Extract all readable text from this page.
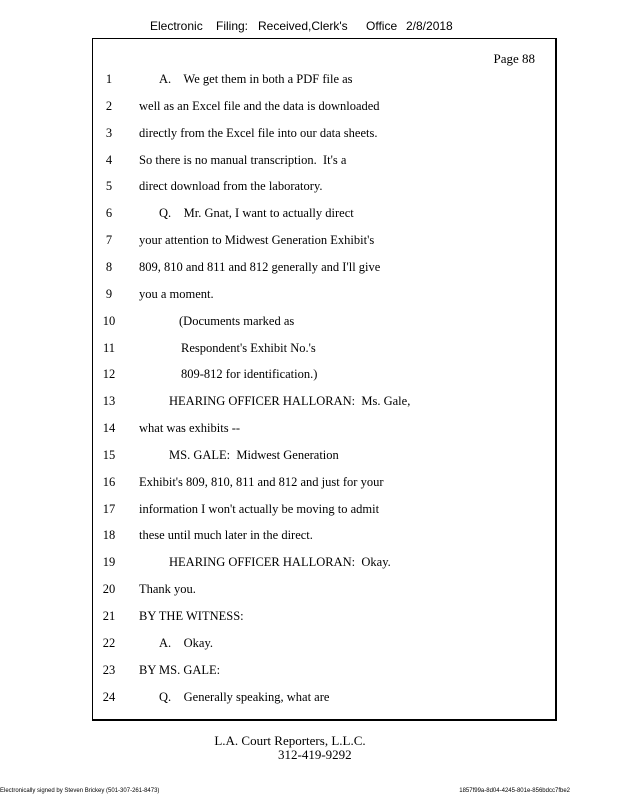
Electronic Filing: Received,Clerk's Office 2/8/2018
Page 88
1	A.    We get them in both a PDF file as
2	well as an Excel file and the data is downloaded
3	directly from the Excel file into our data sheets.
4	So there is no manual transcription.  It's a
5	direct download from the laboratory.
6	Q.    Mr. Gnat, I want to actually direct
7	your attention to Midwest Generation Exhibit's
8	809, 810 and 811 and 812 generally and I'll give
9	you a moment.
10	(Documents marked as
11	Respondent's Exhibit No.'s
12	809-812 for identification.)
13	HEARING OFFICER HALLORAN:  Ms. Gale,
14	what was exhibits --
15	MS. GALE:  Midwest Generation
16	Exhibit's 809, 810, 811 and 812 and just for your
17	information I won't actually be moving to admit
18	these until much later in the direct.
19	HEARING OFFICER HALLORAN:  Okay.
20	Thank you.
21	BY THE WITNESS:
22	A.    Okay.
23	BY MS. GALE:
24	Q.    Generally speaking, what are
L.A. Court Reporters, L.L.C.
312-419-9292
Electronically signed by Steven Brickey (501-307-261-8473)	1857f99a-8d04-4245-801e-856bdcc7fbe2
